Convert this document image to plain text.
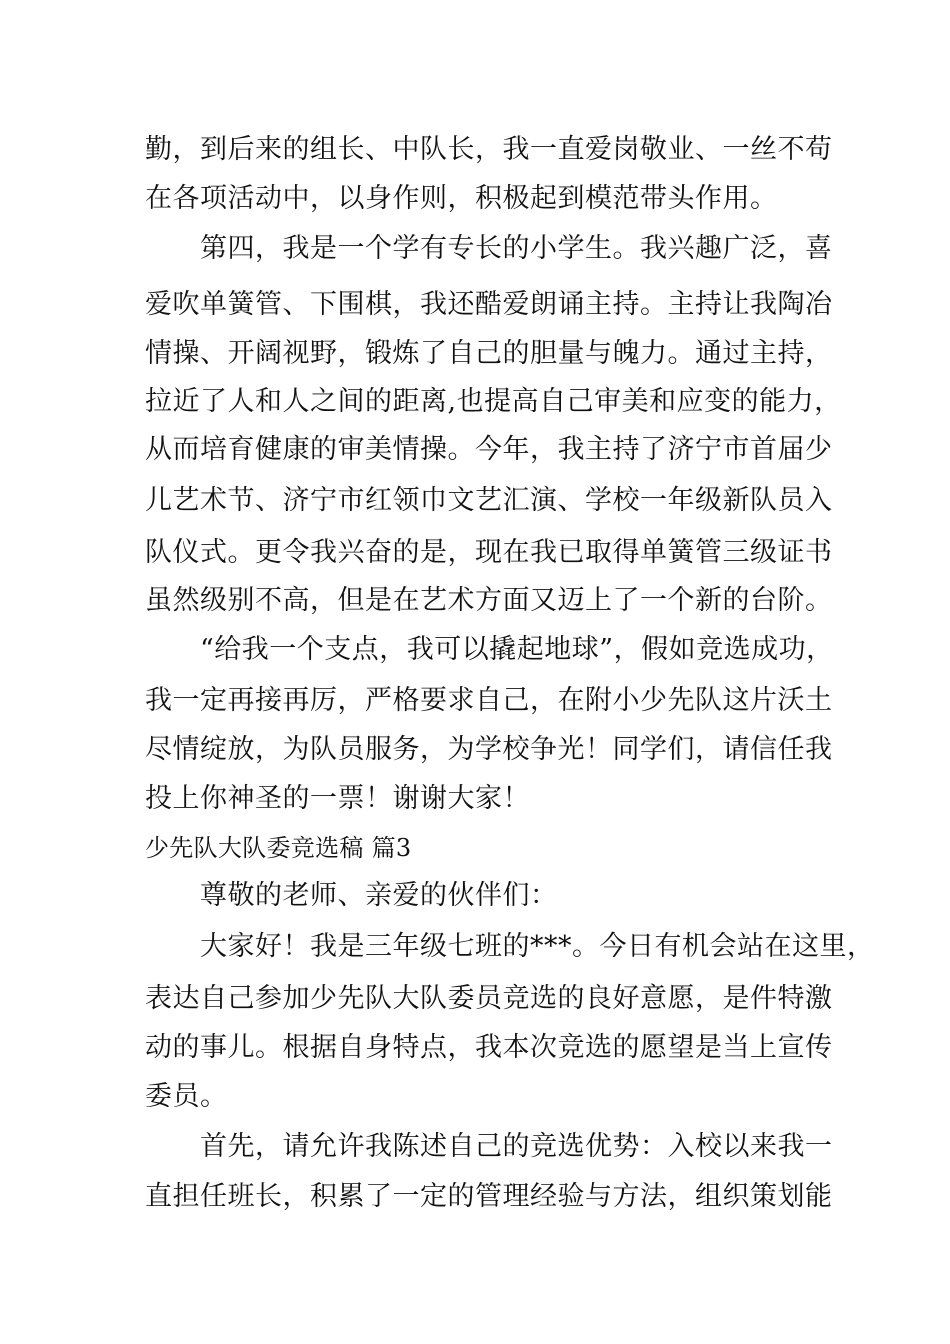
勤，到后来的组长、中队长，我一直爱岗敬业、一丝不苟
在各项活动中，以身作则，积极起到模范带头作用。
第四，我是一个学有专长的小学生。我兴趣广泛，喜
爱吹单簧管、下围棋，我还酷爱朗诵主持。主持让我陶冶
情操、开阔视野，锻炼了自己的胆量与魄力。通过主持，
拉近了人和人之间的距离,也提高自己审美和应变的能力，
从而培育健康的审美情操。今年，我主持了济宁市首届少
儿艺术节、济宁市红领巾文艺汇演、学校一年级新队员入
队仪式。更令我兴奋的是，现在我已取得单簧管三级证书
虽然级别不高，但是在艺术方面又迈上了一个新的台阶。
“给我一个支点，我可以撬起地球”，假如竞选成功，
我一定再接再厉，严格要求自己，在附小少先队这片沃土
尽情绽放，为队员服务，为学校争光！同学们，请信任我
投上你神圣的一票！谢谢大家！
少先队大队委竞选稿 篇3
尊敬的老师、亲爱的伙伴们：
大家好！我是三年级七班的***。今日有机会站在这里，
表达自己参加少先队大队委员竞选的良好意愿，是件特激
动的事儿。根据自身特点，我本次竞选的愿望是当上宣传
委员。
首先，请允许我陈述自己的竞选优势：入校以来我一
直担任班长，积累了一定的管理经验与方法，组织策划能
